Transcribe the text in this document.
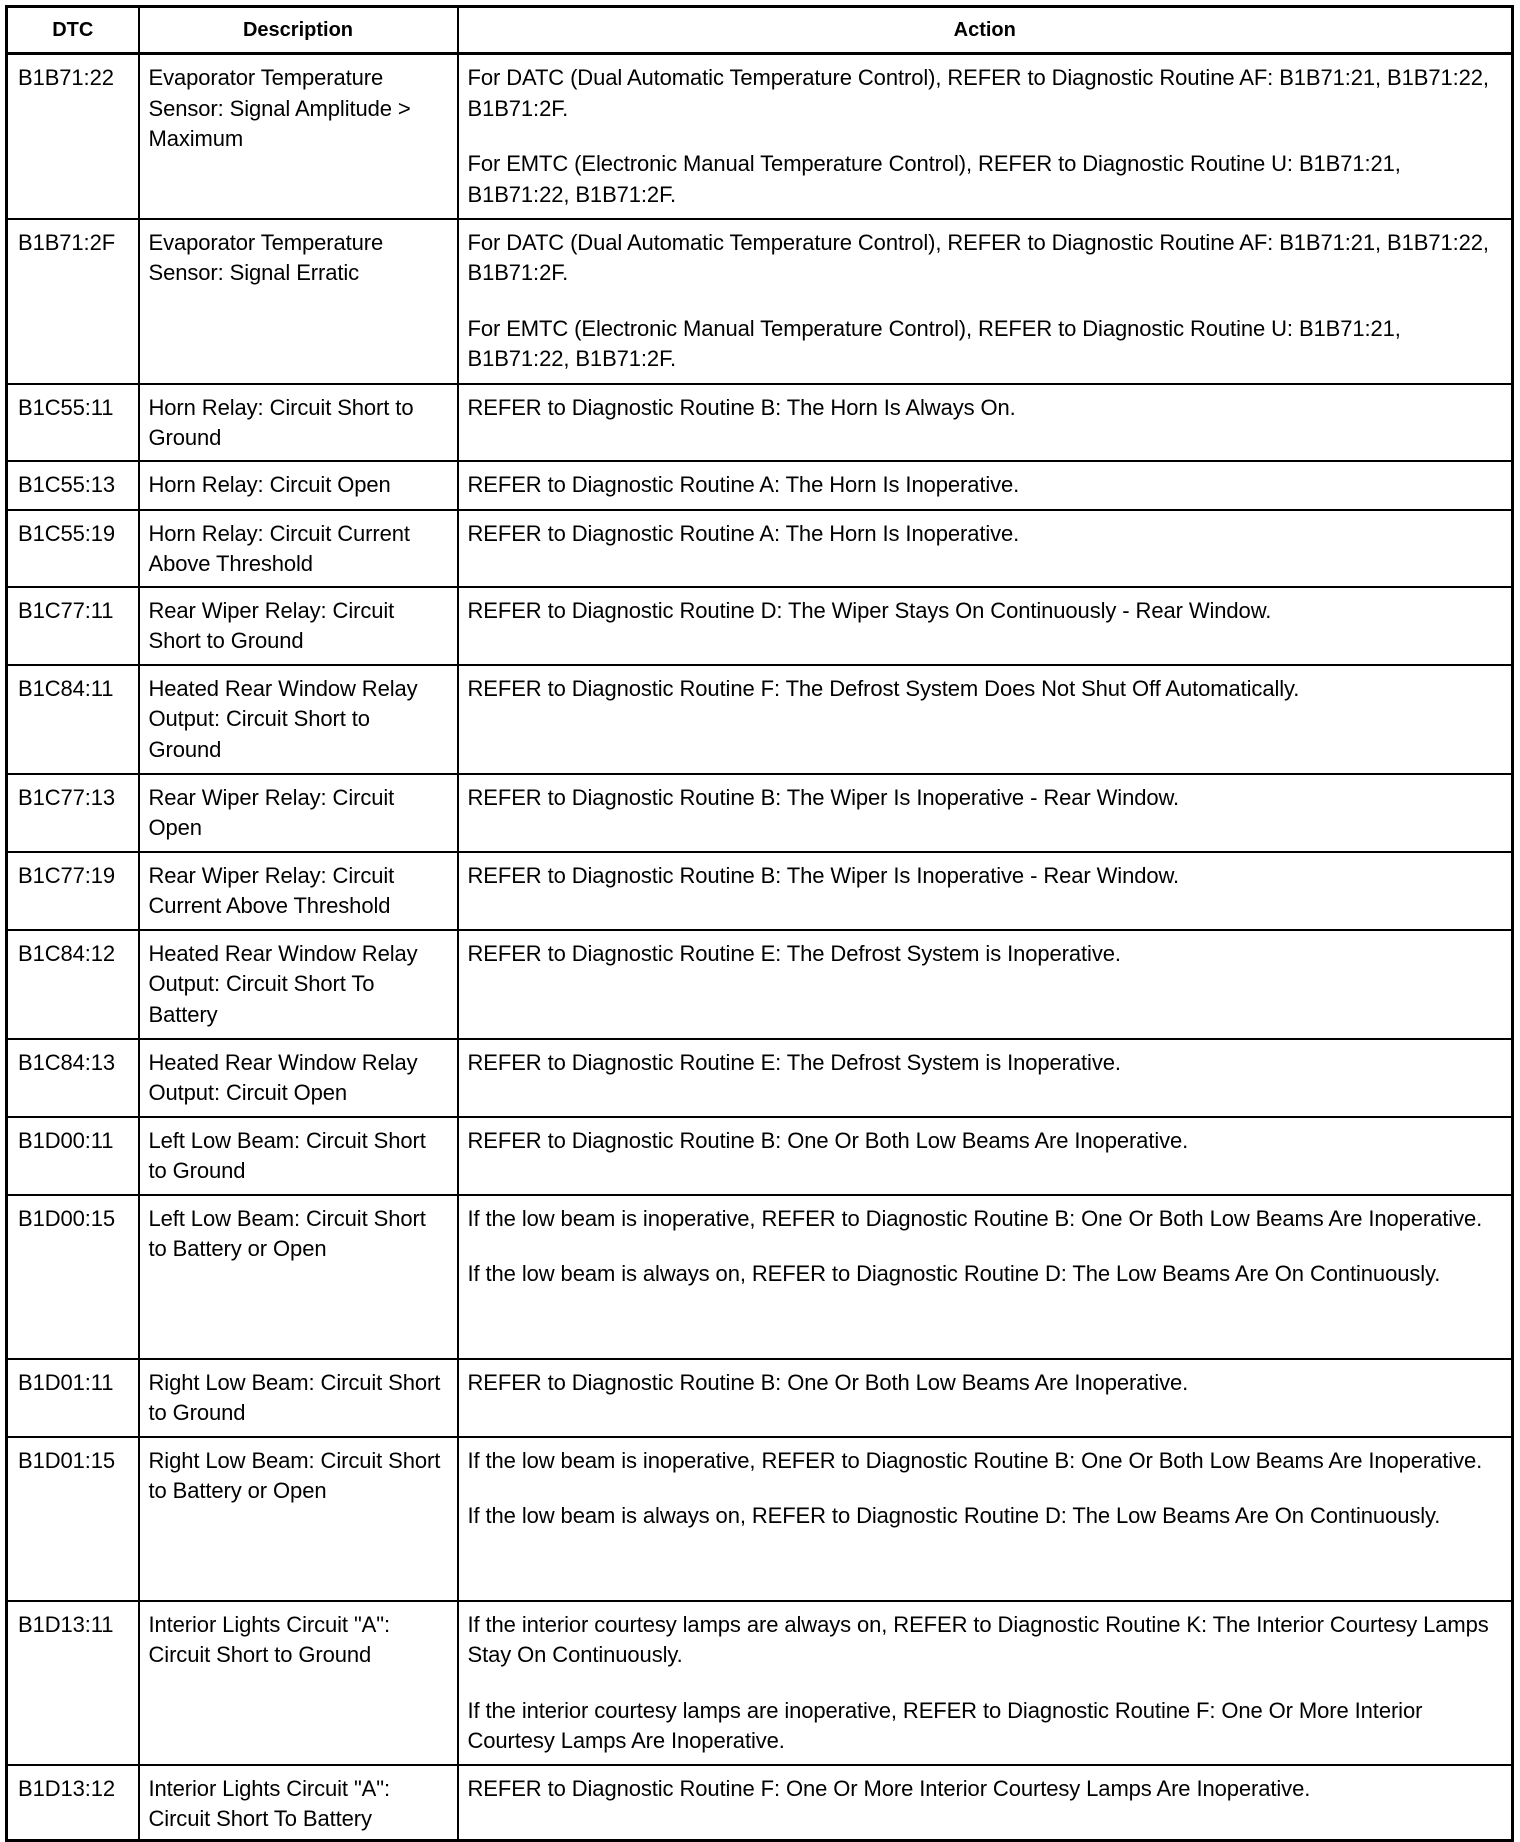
DTC	Description	Action
B1B71:22	Evaporator Temperature Sensor: Signal Amplitude > Maximum	For DATC (Dual Automatic Temperature Control), REFER to Diagnostic Routine AF: B1B71:21, B1B71:22, B1B71:2F.

For EMTC (Electronic Manual Temperature Control), REFER to Diagnostic Routine U: B1B71:21, B1B71:22, B1B71:2F.

B1B71:2F	Evaporator Temperature Sensor: Signal Erratic	For DATC (Dual Automatic Temperature Control), REFER to Diagnostic Routine AF: B1B71:21, B1B71:22, B1B71:2F.

For EMTC (Electronic Manual Temperature Control), REFER to Diagnostic Routine U: B1B71:21, B1B71:22, B1B71:2F.

B1C55:11	Horn Relay: Circuit Short to Ground	REFER to Diagnostic Routine B: The Horn Is Always On.

B1C55:13	Horn Relay: Circuit Open	REFER to Diagnostic Routine A: The Horn Is Inoperative.

B1C55:19	Horn Relay: Circuit Current Above Threshold	REFER to Diagnostic Routine A: The Horn Is Inoperative.

B1C77:11	Rear Wiper Relay: Circuit Short to Ground	REFER to Diagnostic Routine D: The Wiper Stays On Continuously - Rear Window.

B1C84:11	Heated Rear Window Relay Output: Circuit Short to Ground	REFER to Diagnostic Routine F: The Defrost System Does Not Shut Off Automatically.

B1C77:13	Rear Wiper Relay: Circuit Open	REFER to Diagnostic Routine B: The Wiper Is Inoperative - Rear Window.

B1C77:19	Rear Wiper Relay: Circuit Current Above Threshold	REFER to Diagnostic Routine B: The Wiper Is Inoperative - Rear Window.

B1C84:12	Heated Rear Window Relay Output: Circuit Short To Battery	REFER to Diagnostic Routine E: The Defrost System is Inoperative.

B1C84:13	Heated Rear Window Relay Output: Circuit Open	REFER to Diagnostic Routine E: The Defrost System is Inoperative.

B1D00:11	Left Low Beam: Circuit Short to Ground	REFER to Diagnostic Routine B: One Or Both Low Beams Are Inoperative.

B1D00:15	Left Low Beam: Circuit Short to Battery or Open	If the low beam is inoperative, REFER to Diagnostic Routine B: One Or Both Low Beams Are Inoperative.

If the low beam is always on, REFER to Diagnostic Routine D: The Low Beams Are On Continuously.

B1D01:11	Right Low Beam: Circuit Short to Ground	REFER to Diagnostic Routine B: One Or Both Low Beams Are Inoperative.

B1D01:15	Right Low Beam: Circuit Short to Battery or Open	If the low beam is inoperative, REFER to Diagnostic Routine B: One Or Both Low Beams Are Inoperative.

If the low beam is always on, REFER to Diagnostic Routine D: The Low Beams Are On Continuously.

B1D13:11	Interior Lights Circuit "A": Circuit Short to Ground	If the interior courtesy lamps are always on, REFER to Diagnostic Routine K: The Interior Courtesy Lamps Stay On Continuously.

If the interior courtesy lamps are inoperative, REFER to Diagnostic Routine F: One Or More Interior Courtesy Lamps Are Inoperative.

B1D13:12	Interior Lights Circuit "A": Circuit Short To Battery	REFER to Diagnostic Routine F: One Or More Interior Courtesy Lamps Are Inoperative.
